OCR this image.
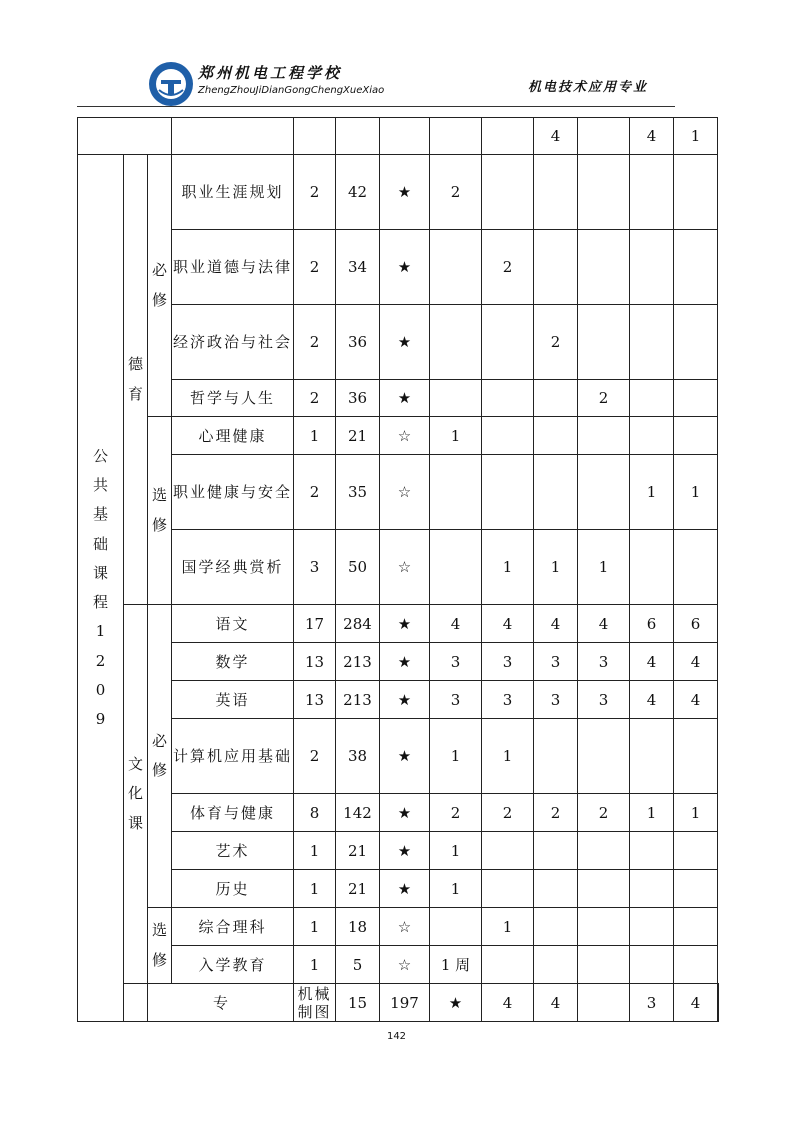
郑州机电工程学校
ZhengZhouJiDianGongChengXueXiao	机电技术应用专业
									4		4	1	
公共基础课程1209	德育	必修	职业生涯规划	2	42	★	2						
			职业道德与法律	2	34	★		2					
			经济政治与社会	2	36	★			2				
			哲学与人生	2	36	★				2			
		选修	心理健康	1	21	☆	1						
			职业健康与安全	2	35	☆					1	1	
			国学经典赏析	3	50	☆		1	1	1			
	文化课	必修	语文	17	284	★	4	4	4	4	6	6	
			数学	13	213	★	3	3	3	3	4	4	
			英语	13	213	★	3	3	3	3	4	4	
			计算机应用基础	2	38	★	1	1					
			体育与健康	8	142	★	2	2	2	2	1	1	
			艺术	1	21	★	1						
			历史	1	21	★	1						
		选修	综合理科	1	18	☆		1					
			入学教育	1	5	☆	1 周						
		专		机械制图	15	197	★	4	4		3	4	
142
